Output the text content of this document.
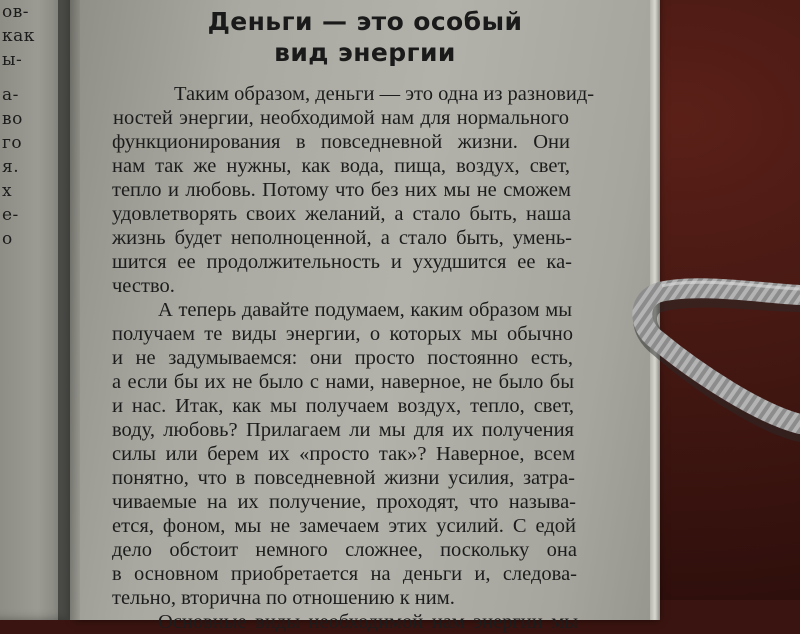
ов-
как
ы-
а-
во
го
я.
х
е-
о
Деньги — это особый
вид энергии
Таким образом, деньги — это одна из разновид-
ностей энергии, необходимой нам для нормального
функционирования в повседневной жизни. Они
нам так же нужны, как вода, пища, воздух, свет,
тепло и любовь. Потому что без них мы не сможем
удовлетворять своих желаний, а стало быть, наша
жизнь будет неполноценной, а стало быть, умень-
шится ее продолжительность и ухудшится ее ка-
чество.
А теперь давайте подумаем, каким образом мы
получаем те виды энергии, о которых мы обычно
и не задумываемся: они просто постоянно есть,
а если бы их не было с нами, наверное, не было бы
и нас. Итак, как мы получаем воздух, тепло, свет,
воду, любовь? Прилагаем ли мы для их получения
силы или берем их «просто так»? Наверное, всем
понятно, что в повседневной жизни усилия, затра-
чиваемые на их получение, проходят, что называ-
ется, фоном, мы не замечаем этих усилий. С едой
дело обстоит немного сложнее, поскольку она
в основном приобретается на деньги и, следова-
тельно, вторична по отношению к ним.
Основные виды необходимой нам энергии мы
